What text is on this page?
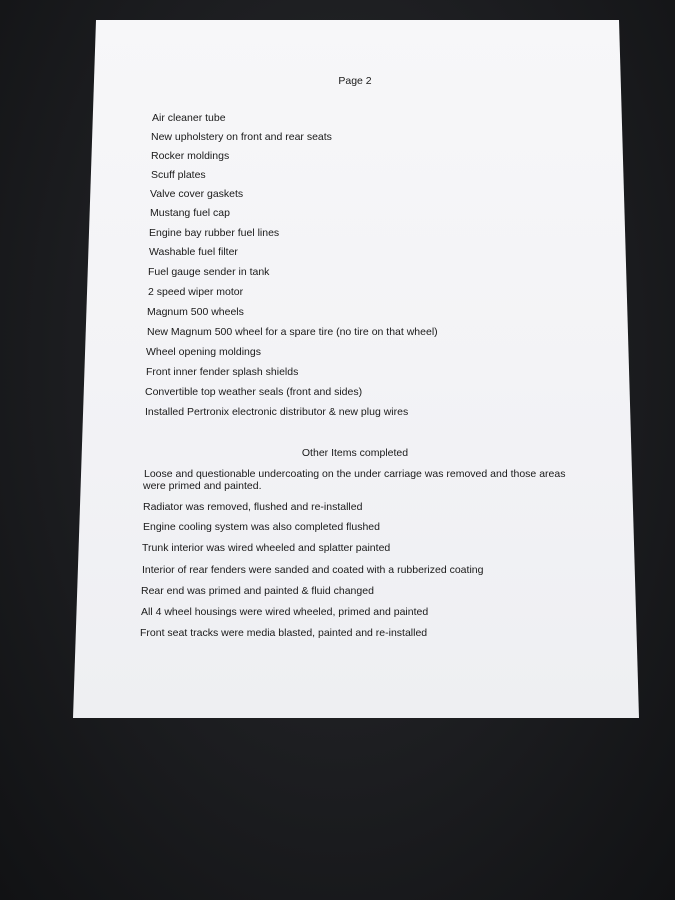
Page 2
Air cleaner tube
New upholstery on front and rear seats
Rocker moldings
Scuff plates
Valve cover gaskets
Mustang fuel cap
Engine bay rubber fuel lines
Washable fuel filter
Fuel gauge sender in tank
2 speed wiper motor
Magnum 500 wheels
New Magnum 500 wheel for a spare tire (no tire on that wheel)
Wheel opening moldings
Front inner fender splash shields
Convertible top weather seals (front and sides)
Installed Pertronix electronic distributor & new plug wires
Other Items completed
Loose and questionable undercoating on the under carriage was removed and those areas
were primed and painted.
Radiator was removed, flushed and re-installed
Engine cooling system was also completed flushed
Trunk interior was wired wheeled and splatter painted
Interior of rear fenders were sanded and coated with a rubberized coating
Rear end was primed and painted & fluid changed
All 4 wheel housings were wired wheeled, primed and painted
Front seat tracks were media blasted, painted and re-installed
